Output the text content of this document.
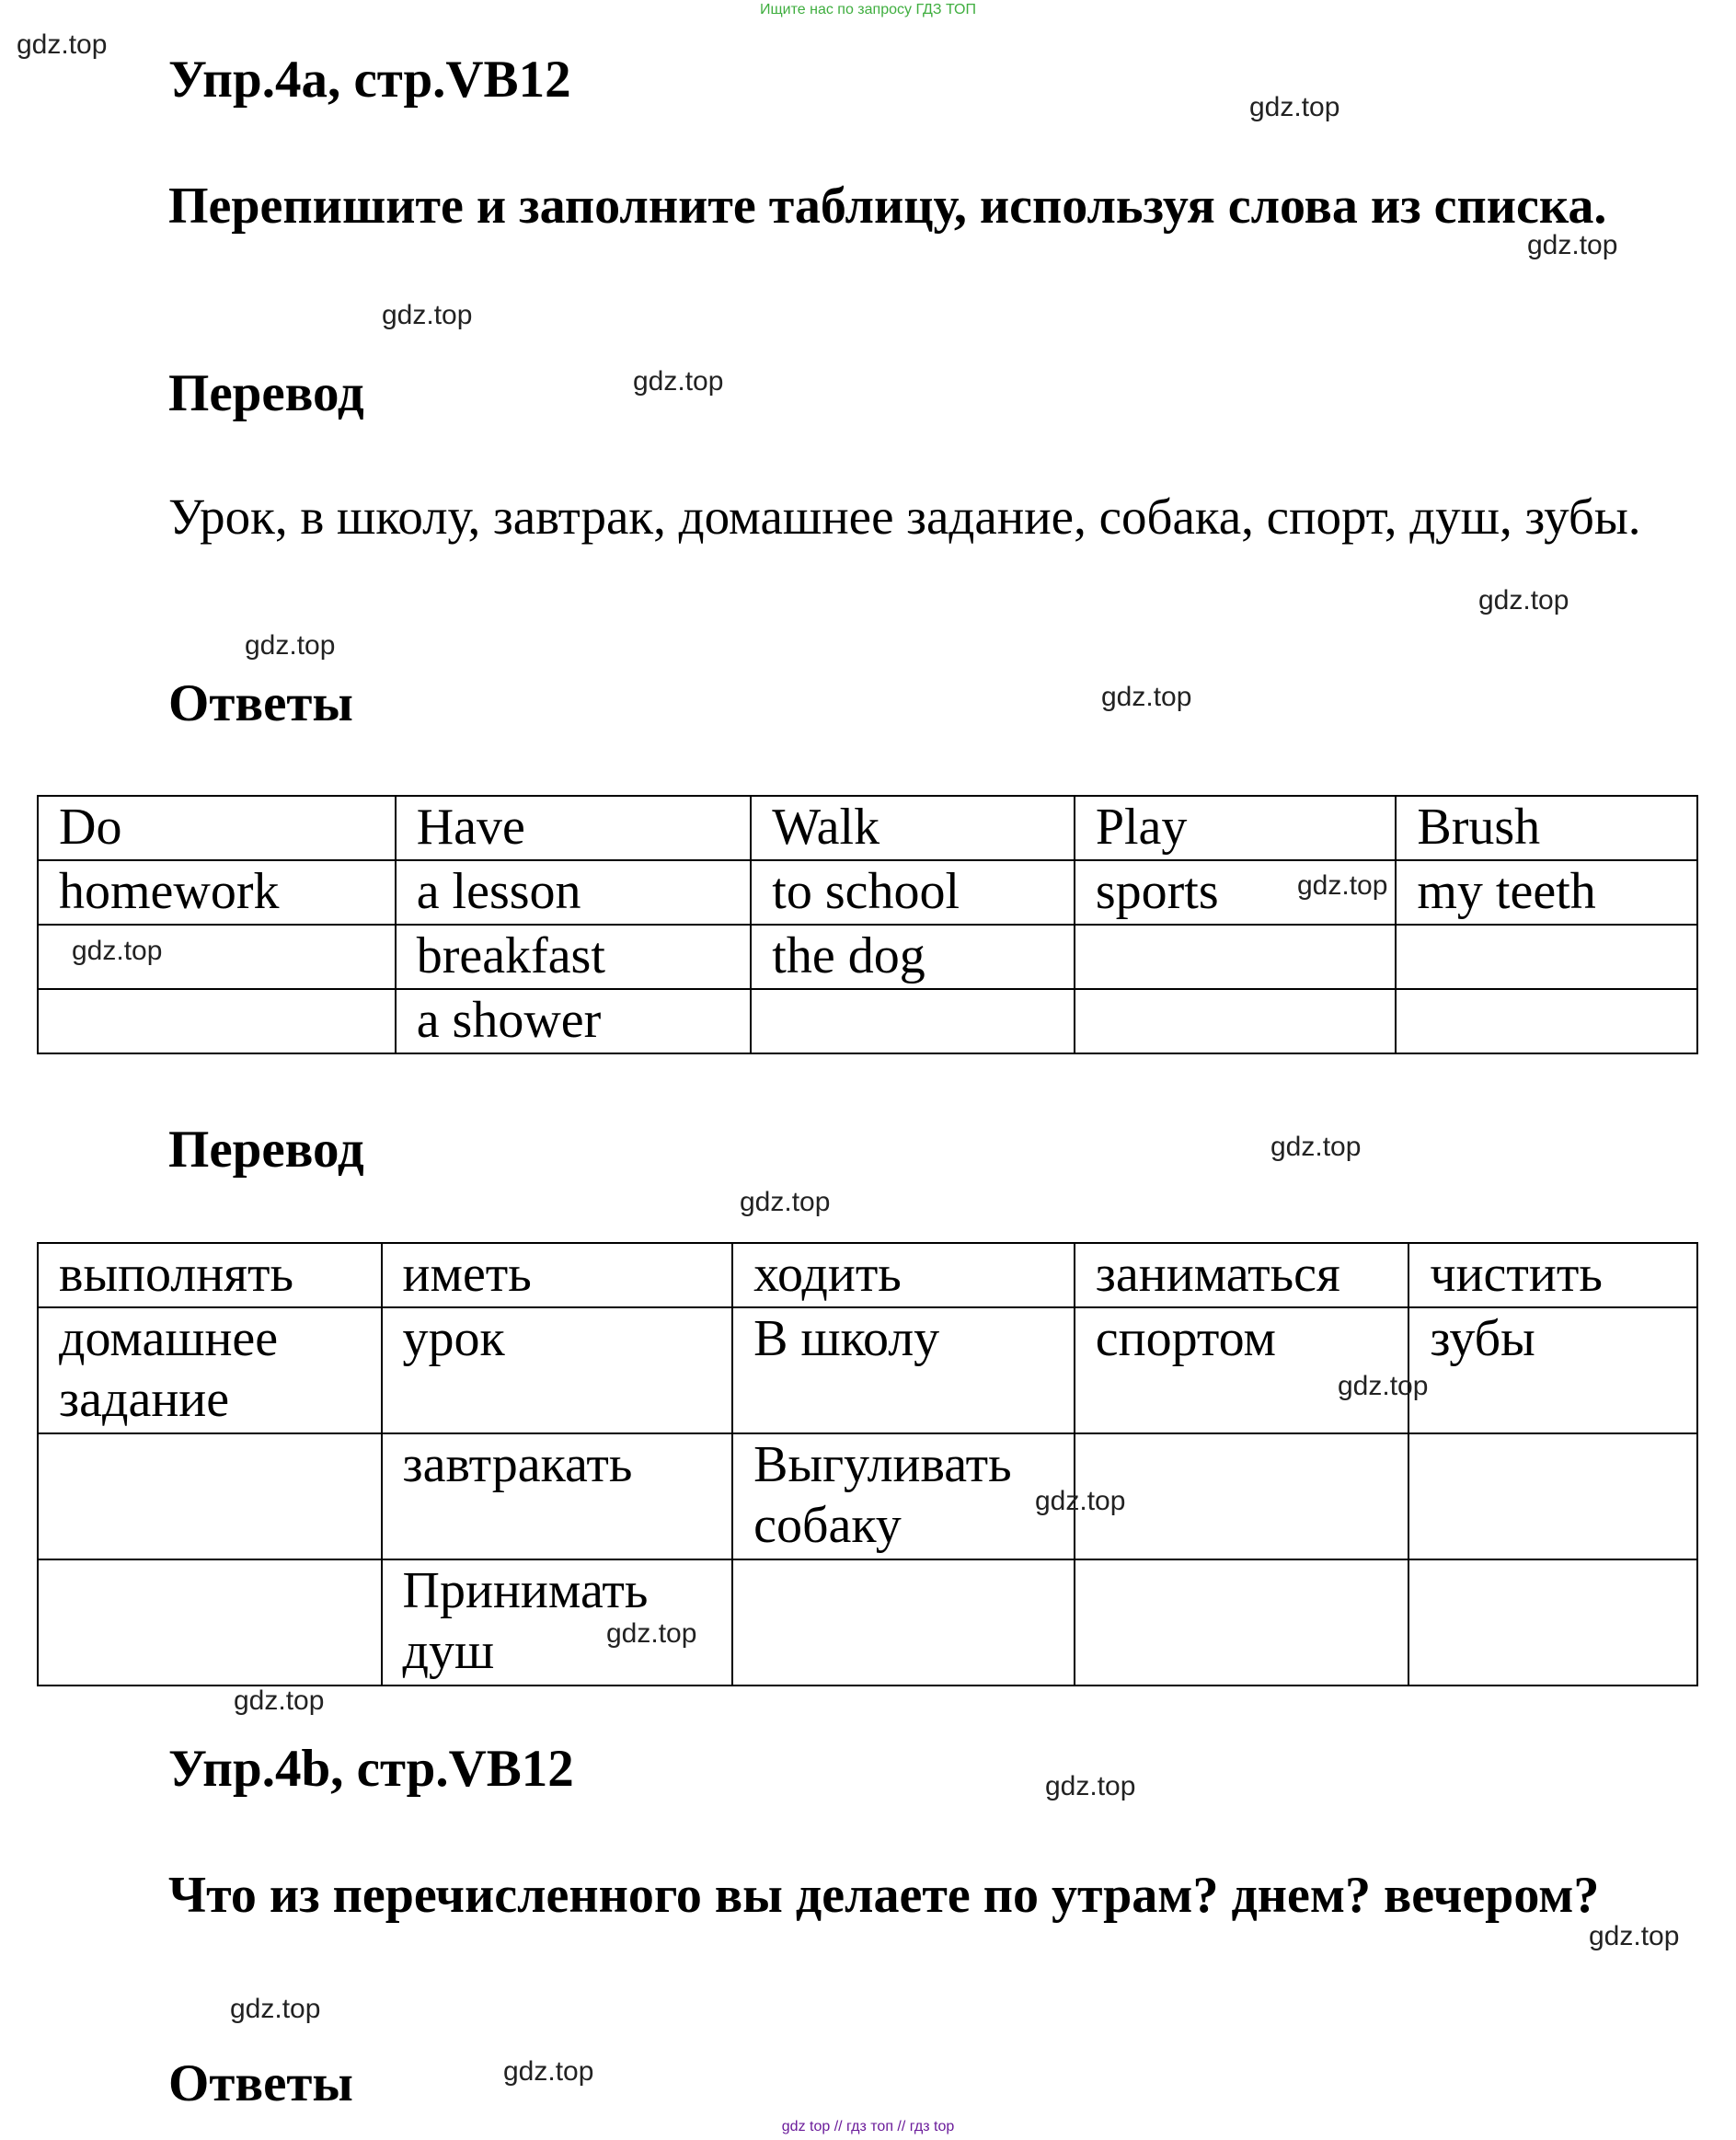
Ищите нас по запросу ГДЗ ТОП
Упр.4a, стр.VB12
Перепишите и заполните таблицу, используя слова из списка.
Перевод
Урок, в школу, завтрак, домашнее задание, собака, спорт, душ, зубы.
Ответы
Do	Have	Walk	Play	Brush

homework	a lesson	to school	sports	my teeth

	breakfast	the dog		

	a shower			

Перевод
выполнять	иметь	ходить	заниматься	чистить

домашнее задание	урок	В школу	спортом	зубы

	завтракать	Выгуливать собаку		

	Принимать душ			

Упр.4b, стр.VB12
Что из перечисленного вы делаете по утрам? днем? вечером?
Ответы
gdz.top
gdz.top
gdz.top
gdz.top
gdz.top
gdz.top
gdz.top
gdz.top
gdz.top
gdz.top
gdz.top
gdz.top
gdz.top
gdz.top
gdz.top
gdz.top
gdz.top
gdz.top
gdz.top
gdz.top
gdz top // гдз топ // гдз top
